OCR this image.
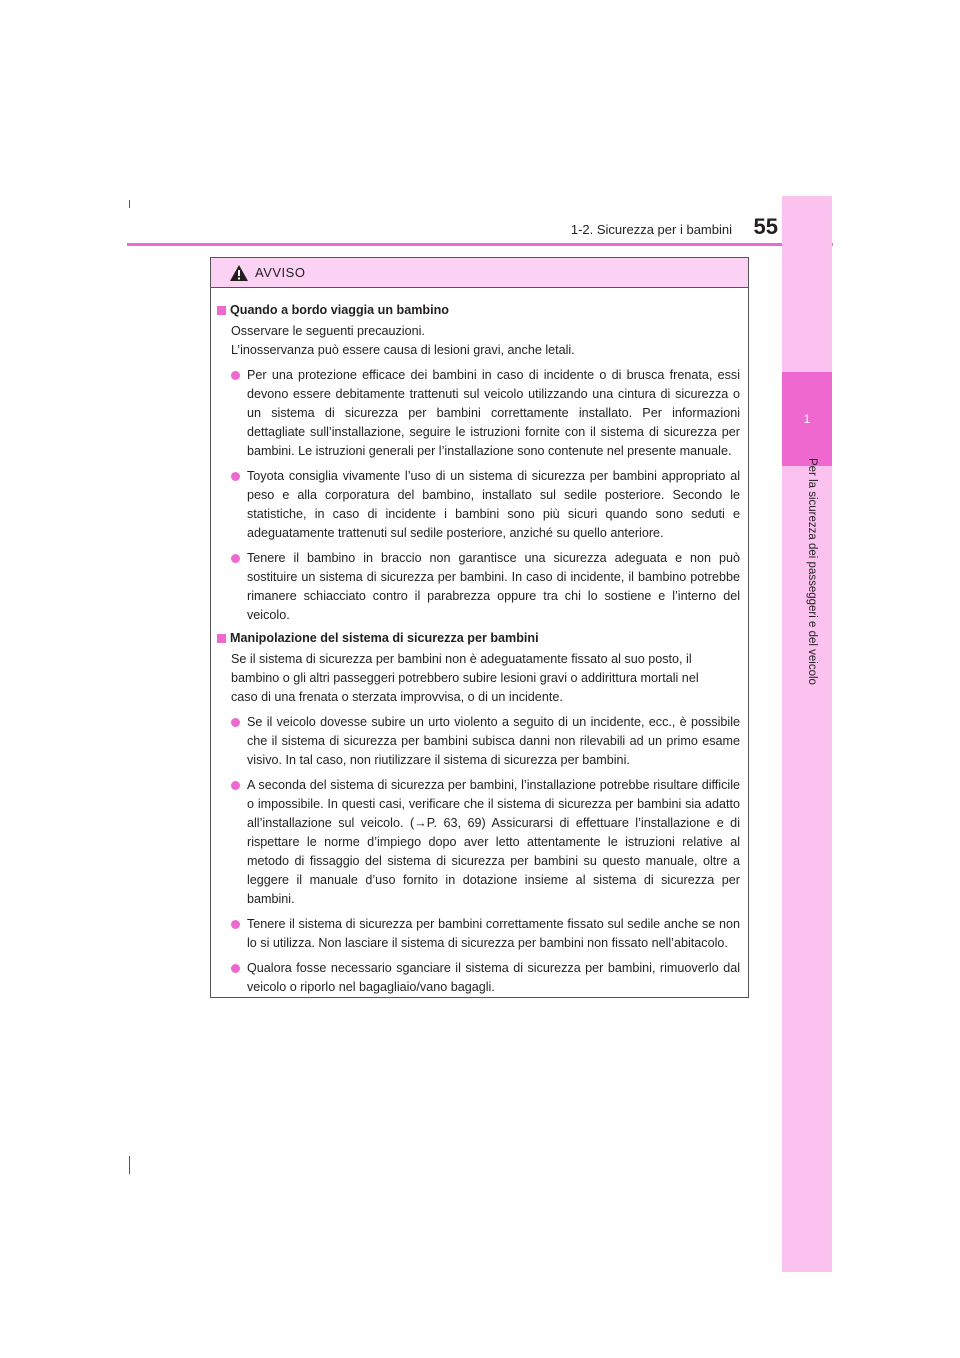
1-2. Sicurezza per i bambini 55
1
Per la sicurezza dei passeggeri e del veicolo
AVVISO
Quando a bordo viaggia un bambino
Osservare le seguenti precauzioni.
L’inosservanza può essere causa di lesioni gravi, anche letali.
Per una protezione efficace dei bambini in caso di incidente o di brusca frenata, essi devono essere debitamente trattenuti sul veicolo utilizzando una cintura di sicurezza o un sistema di sicurezza per bambini correttamente installato. Per informazioni dettagliate sull’installazione, seguire le istruzioni fornite con il sistema di sicurezza per bambini. Le istruzioni generali per l’installazione sono contenute nel presente manuale.
Toyota consiglia vivamente l’uso di un sistema di sicurezza per bambini appropriato al peso e alla corporatura del bambino, installato sul sedile posteriore. Secondo le statistiche, in caso di incidente i bambini sono più sicuri quando sono seduti e adeguatamente trattenuti sul sedile posteriore, anziché su quello anteriore.
Tenere il bambino in braccio non garantisce una sicurezza adeguata e non può sostituire un sistema di sicurezza per bambini. In caso di incidente, il bambino potrebbe rimanere schiacciato contro il parabrezza oppure tra chi lo sostiene e l’interno del veicolo.
Manipolazione del sistema di sicurezza per bambini
Se il sistema di sicurezza per bambini non è adeguatamente fissato al suo posto, il
bambino o gli altri passeggeri potrebbero subire lesioni gravi o addirittura mortali nel
caso di una frenata o sterzata improvvisa, o di un incidente.
Se il veicolo dovesse subire un urto violento a seguito di un incidente, ecc., è possibile che il sistema di sicurezza per bambini subisca danni non rilevabili ad un primo esame visivo. In tal caso, non riutilizzare il sistema di sicurezza per bambini.
A seconda del sistema di sicurezza per bambini, l’installazione potrebbe risultare difficile o impossibile. In questi casi, verificare che il sistema di sicurezza per bambini sia adatto all’installazione sul veicolo. (→P. 63, 69) Assicurarsi di effettuare l’installazione e di rispettare le norme d’impiego dopo aver letto attentamente le istruzioni relative al metodo di fissaggio del sistema di sicurezza per bambini su questo manuale, oltre a leggere il manuale d’uso fornito in dotazione insieme al sistema di sicurezza per bambini.
Tenere il sistema di sicurezza per bambini correttamente fissato sul sedile anche se non lo si utilizza. Non lasciare il sistema di sicurezza per bambini non fissato nell’abitacolo.
Qualora fosse necessario sganciare il sistema di sicurezza per bambini, rimuoverlo dal veicolo o riporlo nel bagagliaio/vano bagagli.
